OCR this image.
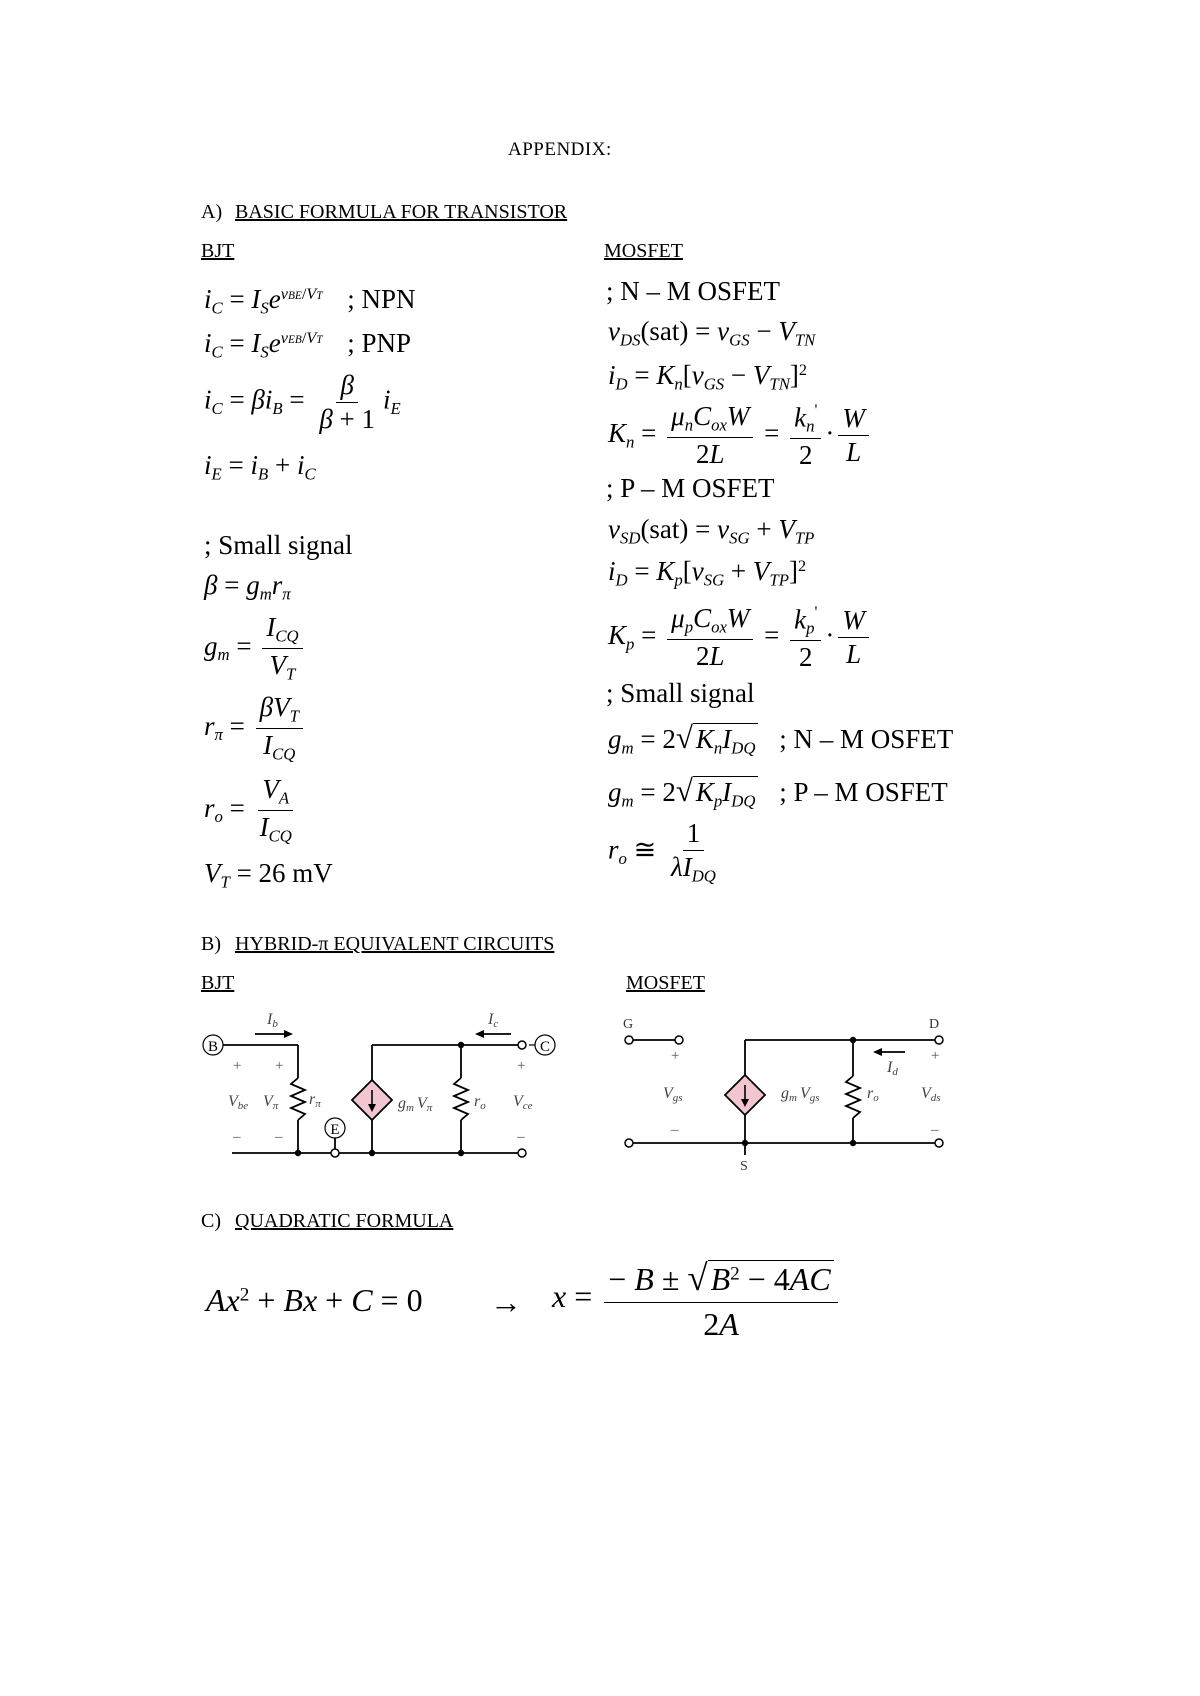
APPENDIX:
A) BASIC FORMULA FOR TRANSISTOR
BJT	MOSFET
$i_C = I_Se^{vBE/VT}$ ; NPN
$i_C = I_Se^{vEB/VT}$ ; PNP
$i_C = \beta i_B = \frac{\beta}{\beta + 1} i_E$
$i_E = i_B + i_C$
; Small signal
$\beta = g_mr_\pi$
$g_m = \frac{I_{CQ}}{V_T}$
$r_\pi = \frac{\beta V_T}{I_{CQ}}$
$r_o = \frac{V_A}{I_{CQ}}$
$V_T = 26$ mV
; N – M OSFET
$v_{DS}(sat) = v_{GS} - V_{TN}$
$i_D = K_n[v_{GS} - V_{TN}]^2$
$K_n = \frac{\mu_nC_{ox}W}{2L} = \frac{k_n'}{2} \cdot \frac{W}{L}$
; P – M OSFET
$v_{SD}(sat) = v_{SG} + V_{TP}$
$i_D = K_p[v_{SG} + V_{TP}]^2$
$K_p = \frac{\mu_pC_{ox}W}{2L} = \frac{k_p'}{2} \cdot \frac{W}{L}$
; Small signal
$g_m = 2√$ $K_nI_{DQ}$ ; N – M OSFET
$g_m = 2√$ $K_pI_{DQ}$ ; P – M OSFET
$r_o$ ≅ $\frac{1}{\lambda I_{DQ}}$
B) HYBRID-π EQUIVALENT CIRCUITS
BJT	MOSFET
B	C
E
+ +	+
– –	–
Vbe Vπ rπ	gm Vπ	ro Vce
Ib	Ic	G	D
S
+
–
+
–
Vgs	gm Vgs	ro
Id
Vds
C) QUADRATIC FORMULA
$Ax^2 + Bx + C = 0 \to x = \frac{- B \pm √B^2 - 4AC}{2A}$
